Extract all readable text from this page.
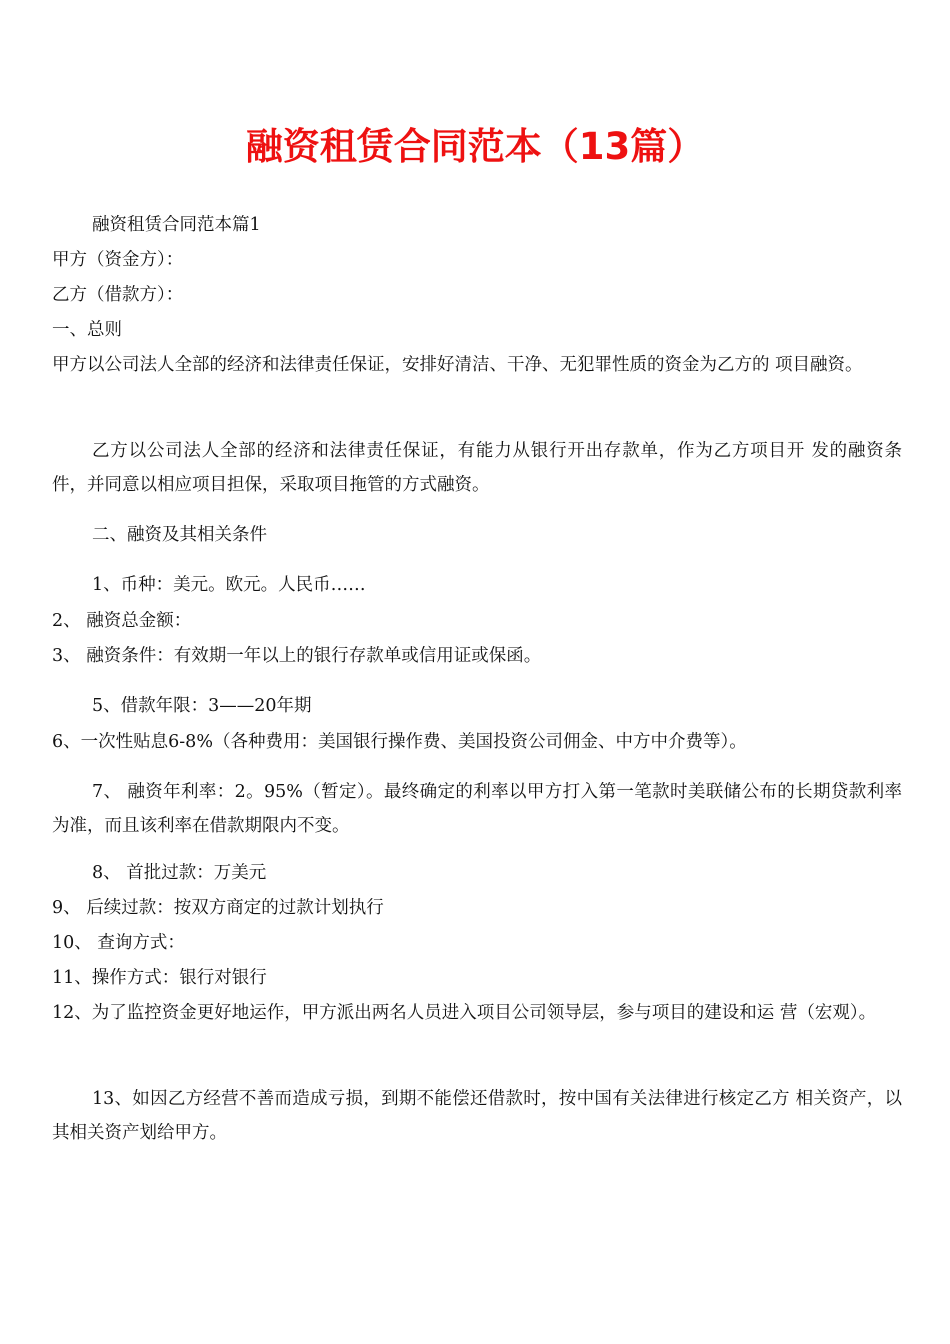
融资租赁合同范本（13篇）

融资租赁合同范本篇1

甲方（资金方）：

乙方（借款方）：

一、总则

甲方以公司法人全部的经济和法律责任保证，安排好清洁、干净、无犯罪性质的资金为乙方的 项目融资。

乙方以公司法人全部的经济和法律责任保证，有能力从银行开出存款单，作为乙方项目开 发的融资条件，并同意以相应项目担保，采取项目拖管的方式融资。

二、融资及其相关条件

1、币种：美元。欧元。人民币……

2、 融资总金额：

3、 融资条件：有效期一年以上的银行存款单或信用证或保函。

5、借款年限：3——20年期

6、一次性贴息6-8%（各种费用：美国银行操作费、美国投资公司佣金、中方中介费等）。

7、 融资年利率：2。95%（暂定）。最终确定的利率以甲方打入第一笔款时美联储公布的长期贷款利率为准，而且该利率在借款期限内不变。

8、 首批过款：万美元

9、 后续过款：按双方商定的过款计划执行

10、 查询方式：

11、操作方式：银行对银行

12、为了监控资金更好地运作，甲方派出两名人员进入项目公司领导层，参与项目的建设和运 营（宏观）。

13、如因乙方经营不善而造成亏损，到期不能偿还借款时，按中国有关法律进行核定乙方 相关资产，以其相关资产划给甲方。
